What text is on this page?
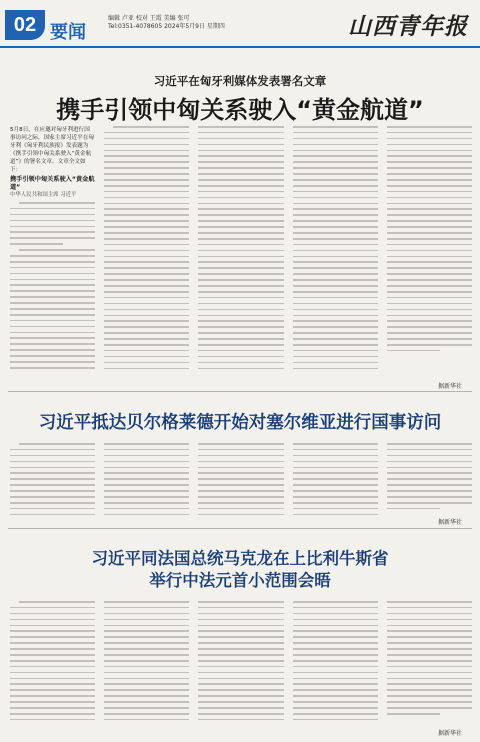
02 要闻
编辑 卢亚 校对 王霞 美编 张可
Tel:0351-4078605 2024年5月9日 星期四	山西青年报
习近平在匈牙利媒体发表署名文章
携手引领中匈关系驶入“黄金航道”
5月8日，在应邀对匈牙利进行国事访问之际，国家主席习近平在匈牙利《匈牙利民族报》发表题为《携手引领中匈关系驶入“黄金航道”》的署名文章。文章全文如下：
携手引领中匈关系驶入“黄金航道”
中华人民共和国主席 习近平
据新华社
习近平抵达贝尔格莱德开始对塞尔维亚进行国事访问
据新华社
习近平同法国总统马克龙在上比利牛斯省
举行中法元首小范围会晤
据新华社
